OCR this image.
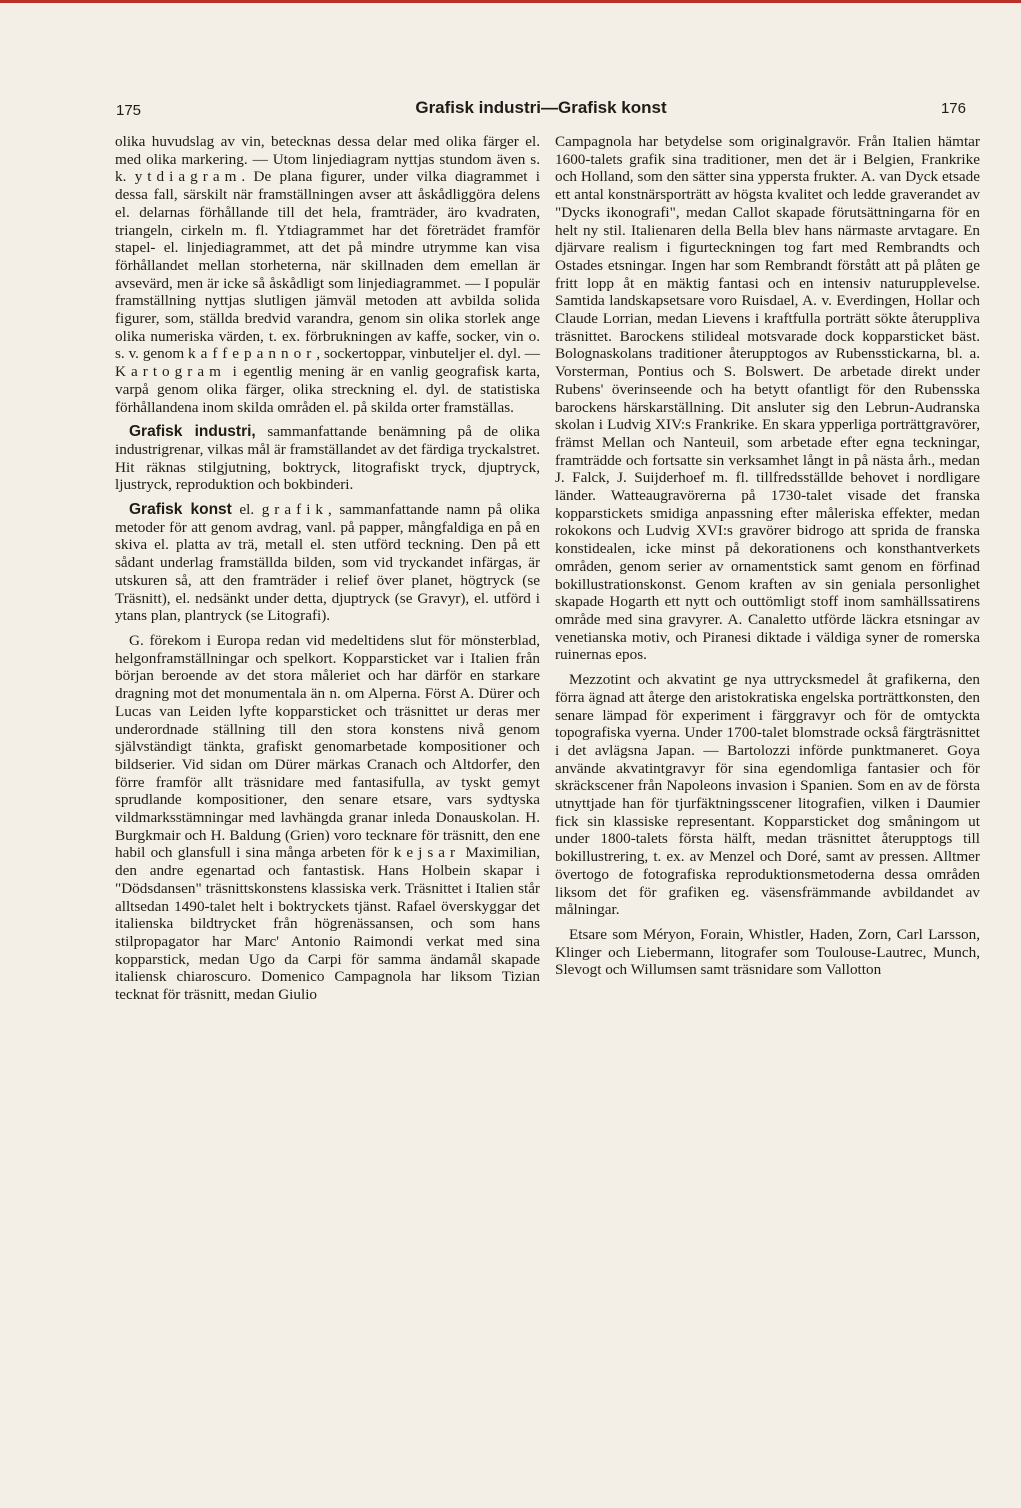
175	Grafisk industri—Grafisk konst	176

olika huvudslag av vin, betecknas dessa delar med olika färger el. med olika markering. — Utom linjediagram nyttjas stundom även s. k. ytdiagram. De plana figurer, under vilka diagrammet i dessa fall, särskilt när framställningen avser att åskådliggöra delens el. delarnas förhållande till det hela, framträder, äro kvadraten, triangeln, cirkeln m. fl. Ytdiagrammet har det företrädet framför stapel- el. linjediagrammet, att det på mindre utrymme kan visa förhållandet mellan storheterna, när skillnaden dem emellan är avsevärd, men är icke så åskådligt som linjediagrammet. — I populär framställning nyttjas slutligen jämväl metoden att avbilda solida figurer, som, ställda bredvid varandra, genom sin olika storlek ange olika numeriska värden, t. ex. förbrukningen av kaffe, socker, vin o. s. v. genom kaffepannor, sockertoppar, vinbuteljer el. dyl. — Kartogram i egentlig mening är en vanlig geografisk karta, varpå genom olika färger, olika streckning el. dyl. de statistiska förhållandena inom skilda områden el. på skilda orter framställas.

Grafisk industri, sammanfattande benämning på de olika industrigrenar, vilkas mål är framställandet av det färdiga tryckalstret. Hit räknas stilgjutning, boktryck, litografiskt tryck, djuptryck, ljustryck, reproduktion och bokbinderi.

Grafisk konst el. grafik, sammanfattande namn på olika metoder för att genom avdrag, vanl. på papper, mångfaldiga en på en skiva el. platta av trä, metall el. sten utförd teckning. Den på ett sådant underlag framställda bilden, som vid tryckandet infärgas, är utskuren så, att den framträder i relief över planet, högtryck (se Träsnitt), el. nedsänkt under detta, djuptryck (se Gravyr), el. utförd i ytans plan, plantryck (se Litografi).

G. förekom i Europa redan vid medeltidens slut för mönsterblad, helgonframställningar och spelkort. Kopparsticket var i Italien från början beroende av det stora måleriet och har därför en starkare dragning mot det monumentala än n. om Alperna. Först A. Dürer och Lucas van Leiden lyfte kopparsticket och träsnittet ur deras mer underordnade ställning till den stora konstens nivå genom självständigt tänkta, grafiskt genomarbetade kompositioner och bildserier. Vid sidan om Dürer märkas Cranach och Altdorfer, den förre framför allt träsnidare med fantasifulla, av tyskt gemyt sprudlande kompositioner, den senare etsare, vars sydtyska vildmarksstämningar med lavhängda granar inleda Donauskolan. H. Burgkmair och H. Baldung (Grien) voro tecknare för träsnitt, den ene habil och glansfull i sina många arbeten för kejsar Maximilian, den andre egenartad och fantastisk. Hans Holbein skapar i "Dödsdansen" träsnittskonstens klassiska verk. Träsnittet i Italien står alltsedan 1490-talet helt i boktryckets tjänst. Rafael överskyggar det italienska bildtrycket från högrenässansen, och som hans stilpropagator har Marc' Antonio Raimondi verkat med sina kopparstick, medan Ugo da Carpi för samma ändamål skapade italiensk chiaroscuro. Domenico Campagnola har liksom Tizian tecknat för träsnitt, medan Giulio

Campagnola har betydelse som originalgravör. Från Italien hämtar 1600-talets grafik sina traditioner, men det är i Belgien, Frankrike och Holland, som den sätter sina yppersta frukter. A. van Dyck etsade ett antal konstnärsporträtt av högsta kvalitet och ledde graverandet av "Dycks ikonografi", medan Callot skapade förutsättningarna för en helt ny stil. Italienaren della Bella blev hans närmaste arvtagare. En djärvare realism i figurteckningen tog fart med Rembrandts och Ostades etsningar. Ingen har som Rembrandt förstått att på plåten ge fritt lopp åt en mäktig fantasi och en intensiv naturupplevelse. Samtida landskapsetsare voro Ruisdael, A. v. Everdingen, Hollar och Claude Lorrian, medan Lievens i kraftfulla porträtt sökte återuppliva träsnittet. Barockens stilideal motsvarade dock kopparsticket bäst. Bolognaskolans traditioner återupptogos av Rubensstickarna, bl. a. Vorsterman, Pontius och S. Bolswert. De arbetade direkt under Rubens' överinseende och ha betytt ofantligt för den Rubensska barockens härskarställning. Dit ansluter sig den Lebrun-Audranska skolan i Ludvig XIV:s Frankrike. En skara ypperliga porträttgravörer, främst Mellan och Nanteuil, som arbetade efter egna teckningar, framträdde och fortsatte sin verksamhet långt in på nästa årh., medan J. Falck, J. Suijderhoef m. fl. tillfredsställde behovet i nordligare länder. Watteaugravörerna på 1730-talet visade det franska kopparstickets smidiga anpassning efter måleriska effekter, medan rokokons och Ludvig XVI:s gravörer bidrogo att sprida de franska konstidealen, icke minst på dekorationens och konsthantverkets områden, genom serier av ornamentstick samt genom en förfinad bokillustrationskonst. Genom kraften av sin geniala personlighet skapade Hogarth ett nytt och outtömligt stoff inom samhällssatirens område med sina gravyrer. A. Canaletto utförde läckra etsningar av venetianska motiv, och Piranesi diktade i väldiga syner de romerska ruinernas epos.

Mezzotint och akvatint ge nya uttrycksmedel åt grafikerna, den förra ägnad att återge den aristokratiska engelska porträttkonsten, den senare lämpad för experiment i färggravyr och för de omtyckta topografiska vyerna. Under 1700-talet blomstrade också färgträsnittet i det avlägsna Japan. — Bartolozzi införde punktmaneret. Goya använde akvatintgravyr för sina egendomliga fantasier och för skräckscener från Napoleons invasion i Spanien. Som en av de första utnyttjade han för tjurfäktningsscener litografien, vilken i Daumier fick sin klassiske representant. Kopparsticket dog småningom ut under 1800-talets första hälft, medan träsnittet återupptogs till bokillustrering, t. ex. av Menzel och Doré, samt av pressen. Alltmer övertogo de fotografiska reproduktionsmetoderna dessa områden liksom det för grafiken eg. väsensfrämmande avbildandet av målningar.

Etsare som Méryon, Forain, Whistler, Haden, Zorn, Carl Larsson, Klinger och Liebermann, litografer som Toulouse-Lautrec, Munch, Slevogt och Willumsen samt träsnidare som Vallotton
